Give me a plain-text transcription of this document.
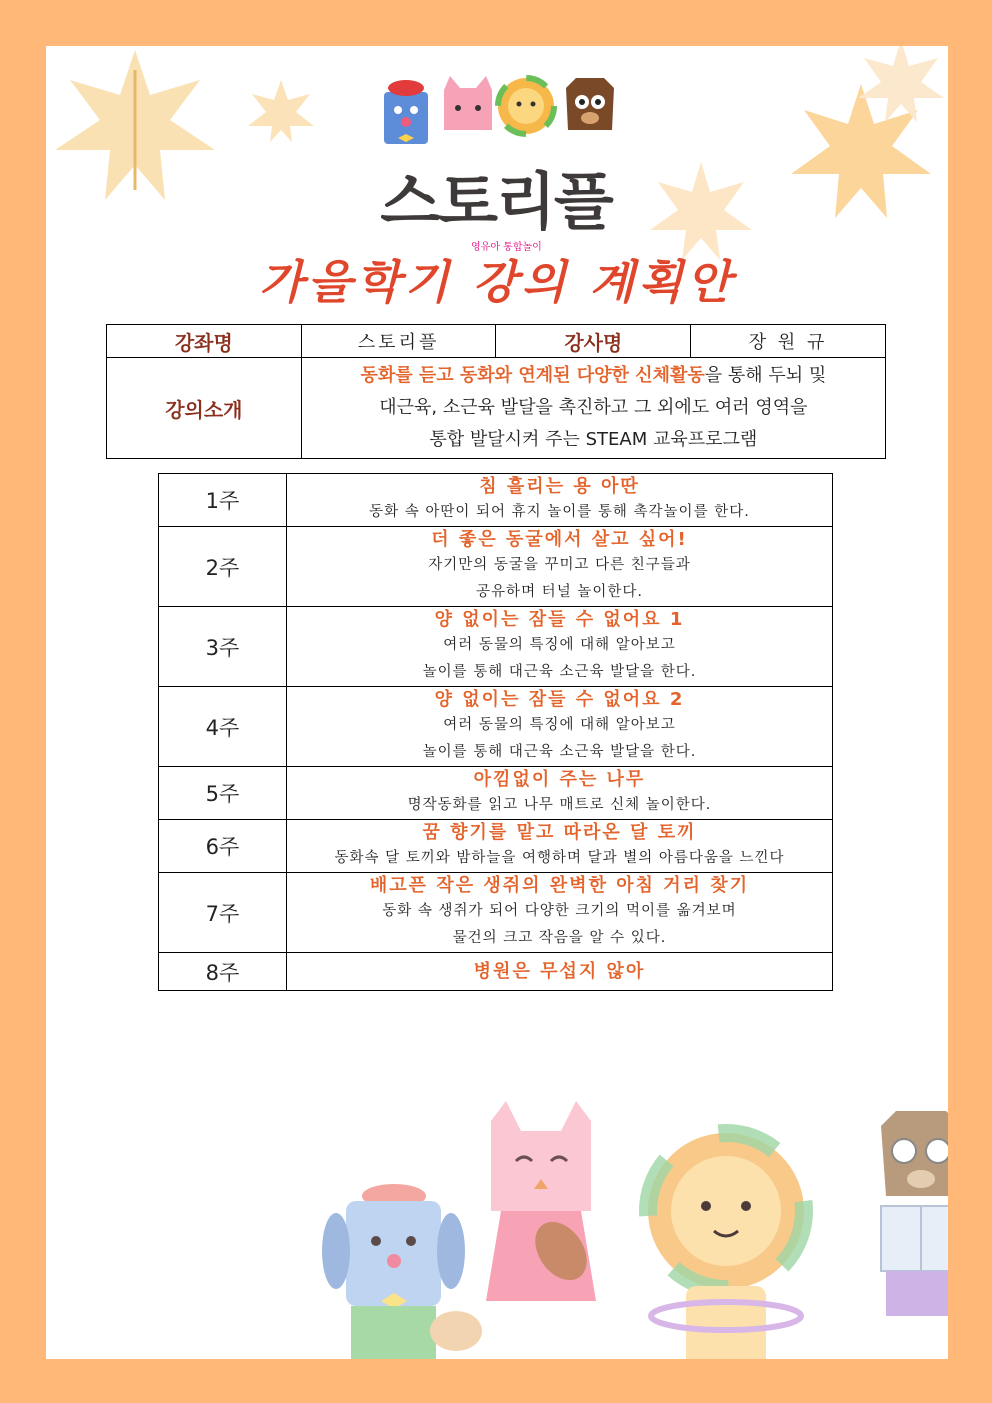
스토리플
영유아 통합놀이
가을학기 강의 계획안
강좌명	스토리플	강사명	장 원 규
강의소개	동화를 듣고 동화와 연계된 다양한 신체활동을 통해 두뇌 및
대근육, 소근육 발달을 촉진하고 그 외에도 여러 영역을
통합 발달시켜 주는 STEAM 교육프로그램		
1주	침 흘리는 용 아딴
동화 속 아딴이 되어 휴지 놀이를 통해 촉각놀이를 한다.

2주	더 좋은 동굴에서 살고 싶어!
자기만의 동굴을 꾸미고 다른 친구들과
공유하며 터널 놀이한다.

3주	양 없이는 잠들 수 없어요 1
여러 동물의 특징에 대해 알아보고
놀이를 통해 대근육 소근육 발달을 한다.

4주	양 없이는 잠들 수 없어요 2
여러 동물의 특징에 대해 알아보고
놀이를 통해 대근육 소근육 발달을 한다.

5주	아낌없이 주는 나무
명작동화를 읽고 나무 매트로 신체 놀이한다.

6주	꿈 향기를 맡고 따라온 달 토끼
동화속 달 토끼와 밤하늘을 여행하며 달과 별의 아름다움을 느낀다

7주	배고픈 작은 생쥐의 완벽한 아침 거리 찾기
동화 속 생쥐가 되어 다양한 크기의 먹이를 옮겨보며
물건의 크고 작음을 알 수 있다.

8주	병원은 무섭지 않아
